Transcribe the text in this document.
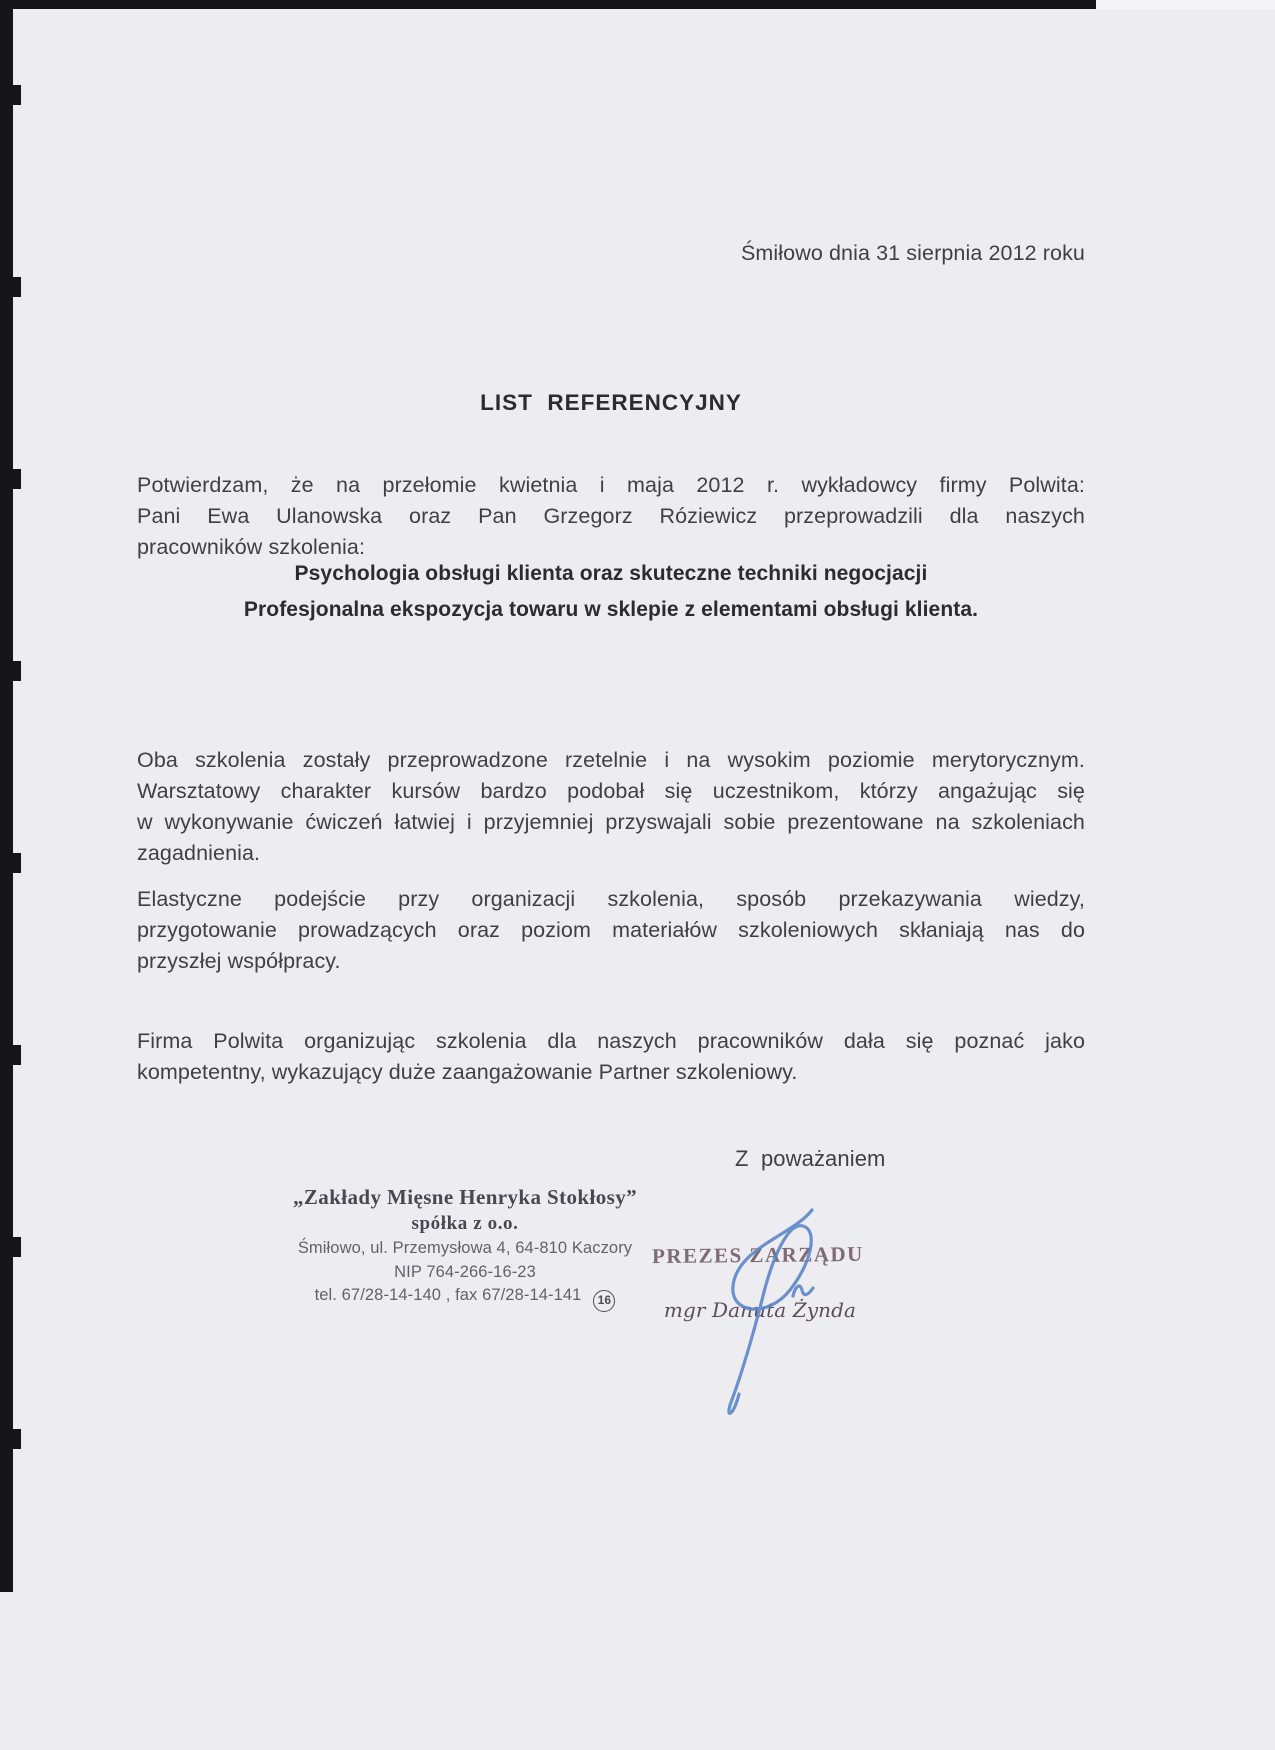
Śmiłowo dnia 31 sierpnia 2012 roku
LIST  REFERENCYJNY
Potwierdzam, że na przełomie kwietnia i maja 2012 r. wykładowcy firmy Polwita:
Pani Ewa Ulanowska oraz Pan Grzegorz Róziewicz przeprowadzili dla naszych
pracowników szkolenia:
Psychologia obsługi klienta oraz skuteczne techniki negocjacji
Profesjonalna ekspozycja towaru w sklepie z elementami obsługi klienta.
Oba szkolenia zostały przeprowadzone rzetelnie i na wysokim poziomie merytorycznym.
Warsztatowy charakter kursów bardzo podobał się uczestnikom, którzy angażując się
w wykonywanie ćwiczeń łatwiej i przyjemniej przyswajali sobie prezentowane na szkoleniach
zagadnienia.
Elastyczne podejście przy organizacji szkolenia, sposób przekazywania wiedzy,
przygotowanie prowadzących oraz poziom materiałów szkoleniowych skłaniają nas do
przyszłej współpracy.
Firma Polwita organizując szkolenia dla naszych pracowników dała się poznać jako
kompetentny, wykazujący duże zaangażowanie Partner szkoleniowy.
Z  poważaniem
„Zakłady Mięsne Henryka Stokłosy”
spółka z o.o.
Śmiłowo, ul. Przemysłowa 4, 64-810 Kaczory
NIP 764-266-16-23
tel. 67/28-14-140 , fax 67/28-14-141 16
PREZES ZARZĄDU
mgr Danuta Żynda
